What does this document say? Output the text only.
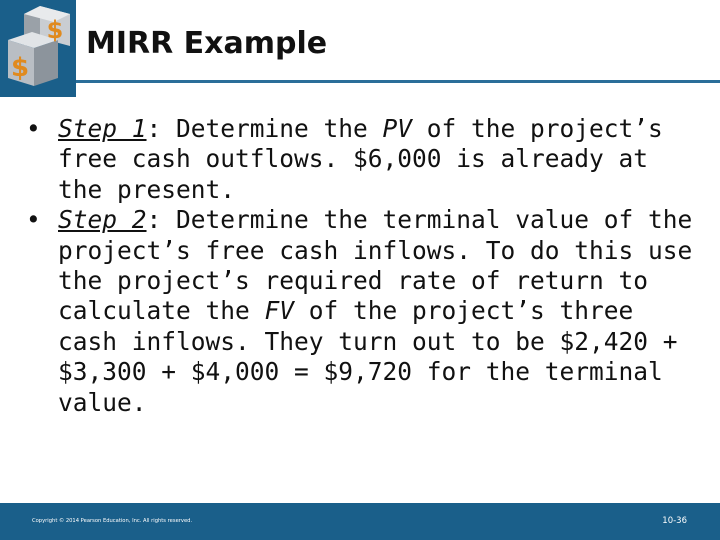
$
$
MIRR Example
• Step 1: Determine the PV of the project’s free cash outflows. $6,000 is already at the present.
• Step 2: Determine the terminal value of the project’s free cash inflows. To do this use the project’s required rate of return to calculate the FV of the project’s three cash inflows. They turn out to be $2,420 + $3,300 + $4,000 = $9,720 for the terminal value.
Copyright © 2014 Pearson Education, Inc. All rights reserved.	10-36
